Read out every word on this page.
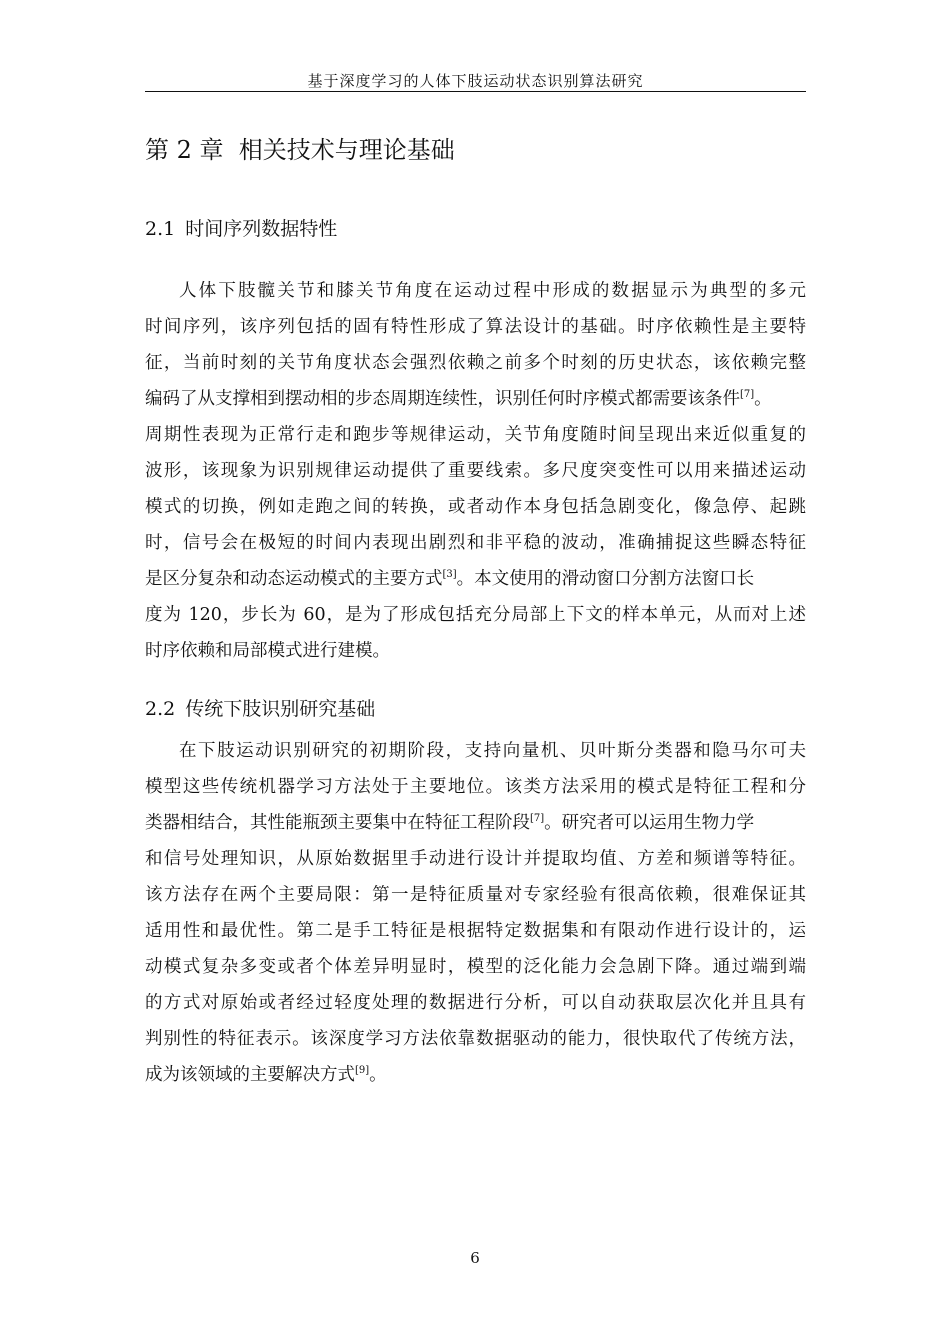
基于深度学习的人体下肢运动状态识别算法研究
第 2 章 相关技术与理论基础
2.1 时间序列数据特性

人体下肢髋关节和膝关节角度在运动过程中形成的数据显示为典型的多元

时间序列，该序列包括的固有特性形成了算法设计的基础。时序依赖性是主要特

征，当前时刻的关节角度状态会强烈依赖之前多个时刻的历史状态，该依赖完整

编码了从支撑相到摆动相的步态周期连续性，识别任何时序模式都需要该条件[7]。

周期性表现为正常行走和跑步等规律运动，关节角度随时间呈现出来近似重复的

波形，该现象为识别规律运动提供了重要线索。多尺度突变性可以用来描述运动

模式的切换，例如走跑之间的转换，或者动作本身包括急剧变化，像急停、起跳

时，信号会在极短的时间内表现出剧烈和非平稳的波动，准确捕捉这些瞬态特征

是区分复杂和动态运动模式的主要方式[3]。本文使用的滑动窗口分割方法窗口长

度为 120，步长为 60，是为了形成包括充分局部上下文的样本单元，从而对上述

时序依赖和局部模式进行建模。

2.2 传统下肢识别研究基础

在下肢运动识别研究的初期阶段，支持向量机、贝叶斯分类器和隐马尔可夫

模型这些传统机器学习方法处于主要地位。该类方法采用的模式是特征工程和分

类器相结合，其性能瓶颈主要集中在特征工程阶段[7]。研究者可以运用生物力学

和信号处理知识，从原始数据里手动进行设计并提取均值、方差和频谱等特征。

该方法存在两个主要局限：第一是特征质量对专家经验有很高依赖，很难保证其

适用性和最优性。第二是手工特征是根据特定数据集和有限动作进行设计的，运

动模式复杂多变或者个体差异明显时，模型的泛化能力会急剧下降。通过端到端

的方式对原始或者经过轻度处理的数据进行分析，可以自动获取层次化并且具有

判别性的特征表示。该深度学习方法依靠数据驱动的能力，很快取代了传统方法，

成为该领域的主要解决方式[9]。

6
